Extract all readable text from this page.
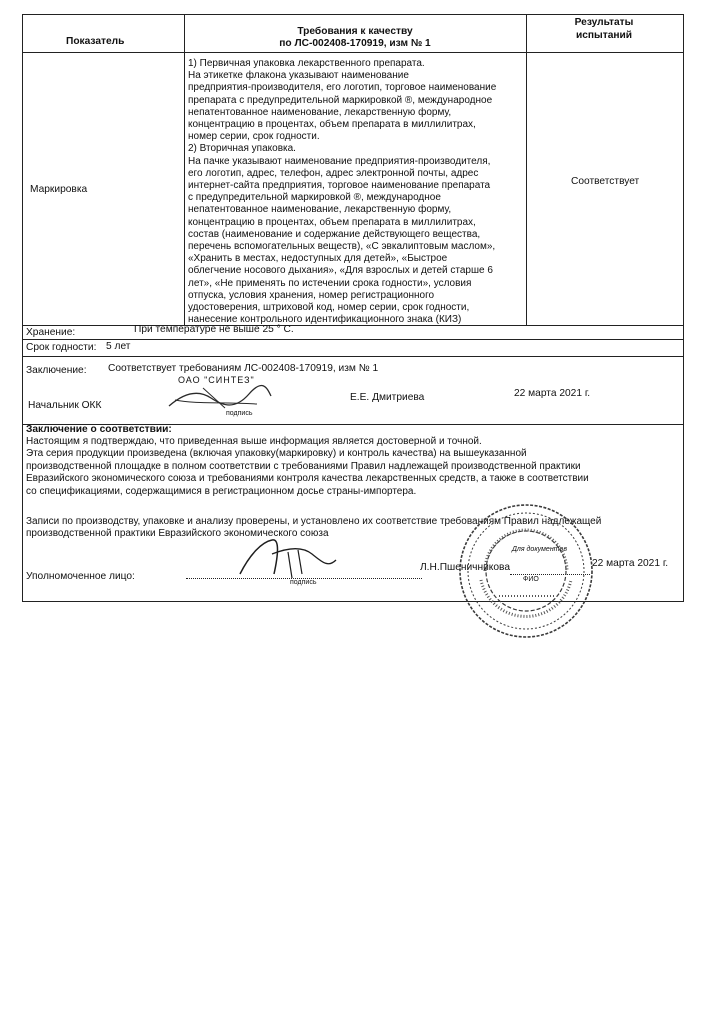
Показатель
Требования к качеству
по ЛС-002408-170919, изм № 1
Результаты
испытаний
Маркировка
Соответствует
1) Первичная упаковка лекарственного препарата.
На этикетке флакона указывают наименование
предприятия-производителя, его логотип, торговое наименование
препарата с предупредительной маркировкой ®, международное
непатентованное наименование, лекарственную форму,
концентрацию в процентах, объем препарата в миллилитрах,
номер серии, срок годности.
2) Вторичная упаковка.
На пачке указывают наименование предприятия-производителя,
его логотип, адрес, телефон, адрес электронной почты, адрес
интернет-сайта предприятия, торговое наименование препарата
с предупредительной маркировкой ®, международное
непатентованное наименование, лекарственную форму,
концентрацию в процентах, объем препарата в миллилитрах,
состав (наименование и содержание действующего вещества,
перечень вспомогательных веществ), «С эвкалиптовым маслом»,
«Хранить в местах, недоступных для детей», «Быстрое
облегчение носового дыхания», «Для взрослых и детей старше 6
лет», «Не применять по истечении срока годности», условия
отпуска, условия хранения, номер регистрационного
удостоверения, штриховой код, номер серии, срок годности,
нанесение контрольного идентификационного знака (КИЗ)
Хранение:	При температуре не выше 25 ° С.
Срок годности: 5 лет
Заключение: Соответствует требованиям ЛС-002408-170919, изм № 1
Начальник ОКК
ОАО "СИНТЕЗ"
подпись
Е.Е. Дмитриева	22 марта 2021 г.
Заключение о соответствии:
Настоящим я подтверждаю, что приведенная выше информация является достоверной и точной.
Эта серия продукции произведена (включая упаковку(маркировку) и контроль качества) на вышеуказанной
производственной площадке в полном соответствии с требованиями Правил надлежащей производственной практики
Евразийского экономического союза и требованиями контроля качества лекарственных средств, а также в соответствии
со спецификациями, содержащимися в регистрационном досье страны-импортера.
Записи по производству, упаковке и анализу проверены, и установлено их соответствие требованиям Правил надлежащей
производственной практики Евразийского экономического союза
Уполномоченное лицо:
подпись
Л.Н.Пшеничникова
ФИО
22 марта 2021 г.
Для документов
